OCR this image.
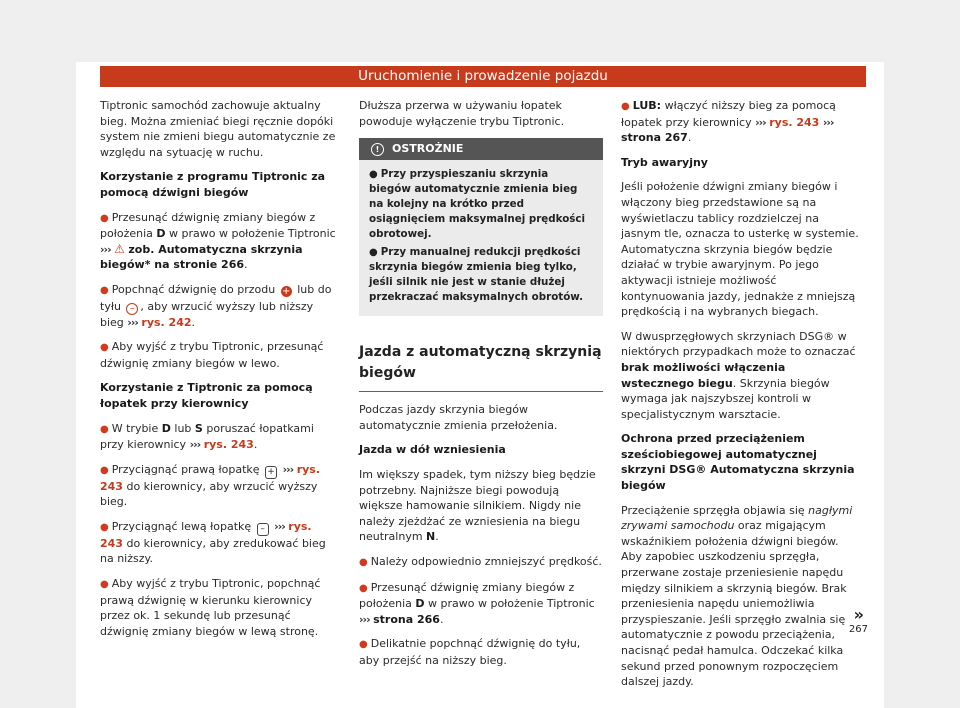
Uruchomienie i prowadzenie pojazdu

Tiptronic samochód zachowuje aktualny bieg. Można zmieniać biegi ręcznie dopóki system nie zmieni biegu automatycznie ze względu na sytuację w ruchu.

Korzystanie z programu Tiptronic za pomocą dźwigni biegów

● Przesunąć dźwignię zmiany biegów z położenia D w prawo w położenie Tiptronic ››› ⚠ zob. Automatyczna skrzynia biegów* na stronie 266.

● Popchnąć dźwignię do przodu + lub do tyłu – , aby wrzucić wyższy lub niższy bieg ››› rys. 242.

● Aby wyjść z trybu Tiptronic, przesunąć dźwignię zmiany biegów w lewo.

Korzystanie z Tiptronic za pomocą łopatek przy kierownicy

● W trybie D lub S poruszać łopatkami przy kierownicy ››› rys. 243.

● Przyciągnąć prawą łopatkę + ››› rys. 243 do kierownicy, aby wrzucić wyższy bieg.

● Przyciągnąć lewą łopatkę – ››› rys. 243 do kierownicy, aby zredukować bieg na niższy.

● Aby wyjść z trybu Tiptronic, popchnąć prawą dźwignię w kierunku kierownicy przez ok. 1 sekundę lub przesunąć dźwignię zmiany biegów w lewą stronę.

Dłuższa przerwa w używaniu łopatek powoduje wyłączenie trybu Tiptronic.

! OSTROŻNIE

● Przy przyspieszaniu skrzynia biegów automatycznie zmienia bieg na kolejny na krótko przed osiągnięciem maksymalnej prędkości obrotowej.

● Przy manualnej redukcji prędkości skrzynia biegów zmienia bieg tylko, jeśli silnik nie jest w stanie dłużej przekraczać maksymalnych obrotów.

Jazda z automatyczną skrzynią biegów

Podczas jazdy skrzynia biegów automatycznie zmienia przełożenia.

Jazda w dół wzniesienia

Im większy spadek, tym niższy bieg będzie potrzebny. Najniższe biegi powodują większe hamowanie silnikiem. Nigdy nie należy zjeżdżać ze wzniesienia na biegu neutralnym N.

● Należy odpowiednio zmniejszyć prędkość.

● Przesunąć dźwignię zmiany biegów z położenia D w prawo w położenie Tiptronic ››› strona 266.

● Delikatnie popchnąć dźwignię do tyłu, aby przejść na niższy bieg.

● LUB: włączyć niższy bieg za pomocą łopatek przy kierownicy ››› rys. 243 ››› strona 267.

Tryb awaryjny

Jeśli położenie dźwigni zmiany biegów i włączony bieg przedstawione są na wyświetlaczu tablicy rozdzielczej na jasnym tle, oznacza to usterkę w systemie. Automatyczna skrzynia biegów będzie działać w trybie awaryjnym. Po jego aktywacji istnieje możliwość kontynuowania jazdy, jednakże z mniejszą prędkością i na wybranych biegach.

W dwusprzęgłowych skrzyniach DSG® w niektórych przypadkach może to oznaczać brak możliwości włączenia wstecznego biegu. Skrzynia biegów wymaga jak najszybszej kontroli w specjalistycznym warsztacie.

Ochrona przed przeciążeniem sześciobiegowej automatycznej skrzyni DSG® Automatyczna skrzynia biegów

Przeciążenie sprzęgła objawia się nagłymi zrywami samochodu oraz migającym wskaźnikiem położenia dźwigni biegów. Aby zapobiec uszkodzeniu sprzęgła, przerwane zostaje przeniesienie napędu między silnikiem a skrzynią biegów. Brak przeniesienia napędu uniemożliwia przyspieszanie. Jeśli sprzęgło zwalnia się automatycznie z powodu przeciążenia, nacisnąć pedał hamulca. Odczekać kilka sekund przed ponownym rozpoczęciem dalszej jazdy.

»
267
